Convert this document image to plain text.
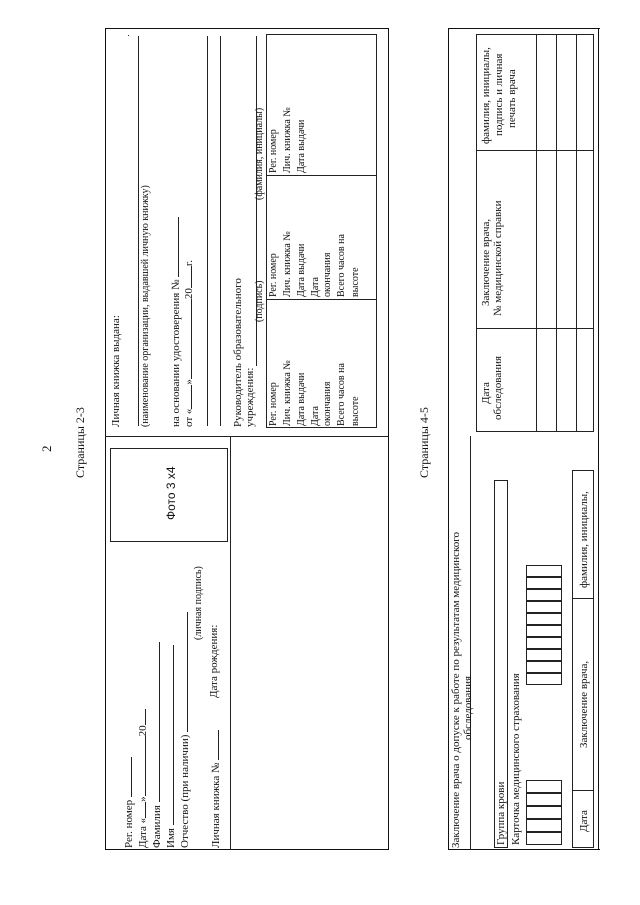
2 Страницы 2-3	Страницы 4-5
Фото 3 х4
Рег. номер Дата «»20
Фамилия Имя Отчество (при наличии)
(личная подпись)
Личная книжка №
Дата рождения:
Личная книжка выдана: (наименование организации, выдавшей личную книжку) на основании удостоверения № от «»20г.
Руководитель образовательного учреждения:
(подпись)
(фамилия, инициалы)
Рег. номер Лич. книжка № Дата выдачи Дата окончания Всего часов на высоте
Рег. номер Лич. книжка № Дата выдачи Дата окончания Всего часов на высоте
Рег. номер Лич. книжка № Дата выдачи
Заключение врача о допуске к работе по результатам медицинского обследования
Группа крови Карточка медицинского страхования	Дата
Заключение врача,
фамилия, инициалы,
Дата обследования
Заключение врача, № медицинской справки
фамилия, инициалы, подпись и личная печать врача
